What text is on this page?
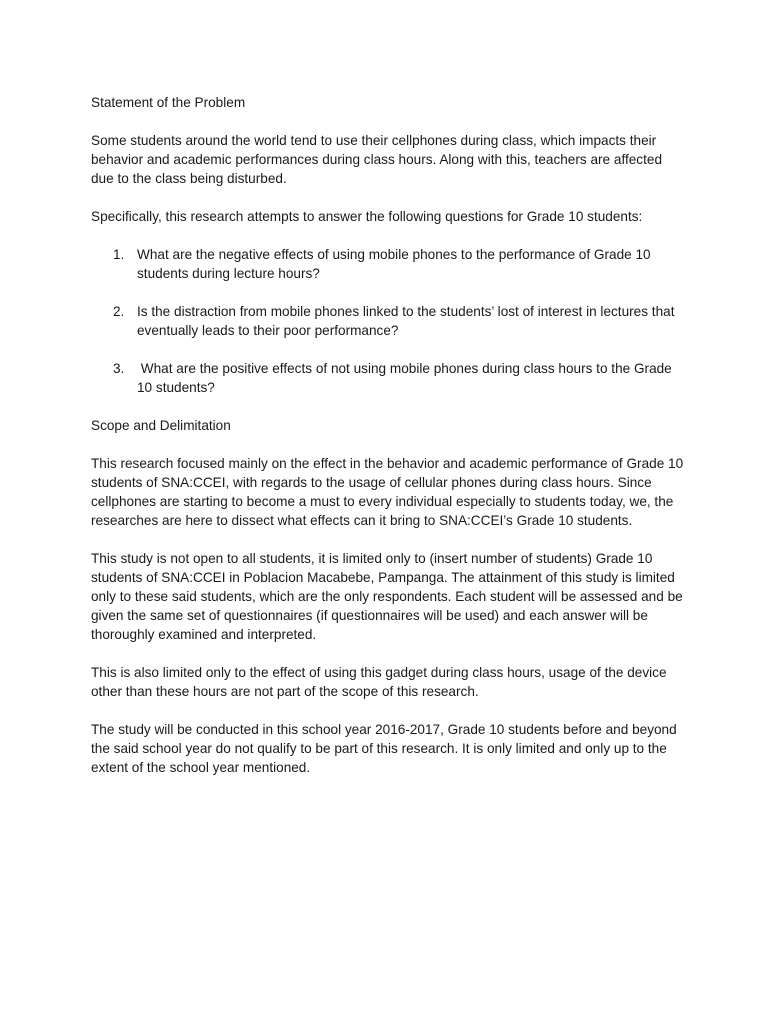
Statement of the Problem

Some students around the world tend to use their cellphones during class, which impacts their behavior and academic performances during class hours. Along with this, teachers are affected due to the class being disturbed.

Specifically, this research attempts to answer the following questions for Grade 10 students:

1. What are the negative effects of using mobile phones to the performance of Grade 10 students during lecture hours?
2. Is the distraction from mobile phones linked to the students’ lost of interest in lectures that eventually leads to their poor performance?
3. What are the positive effects of not using mobile phones during class hours to the Grade 10 students?
Scope and Delimitation

This research focused mainly on the effect in the behavior and academic performance of Grade 10 students of SNA:CCEI, with regards to the usage of cellular phones during class hours. Since cellphones are starting to become a must to every individual especially to students today, we, the researches are here to dissect what effects can it bring to SNA:CCEI’s Grade 10 students.

This study is not open to all students, it is limited only to (insert number of students) Grade 10 students of SNA:CCEI in Poblacion Macabebe, Pampanga. The attainment of this study is limited only to these said students, which are the only respondents. Each student will be assessed and be given the same set of questionnaires (if questionnaires will be used) and each answer will be thoroughly examined and interpreted.

This is also limited only to the effect of using this gadget during class hours, usage of the device other than these hours are not part of the scope of this research.

The study will be conducted in this school year 2016-2017, Grade 10 students before and beyond the said school year do not qualify to be part of this research. It is only limited and only up to the extent of the school year mentioned.
